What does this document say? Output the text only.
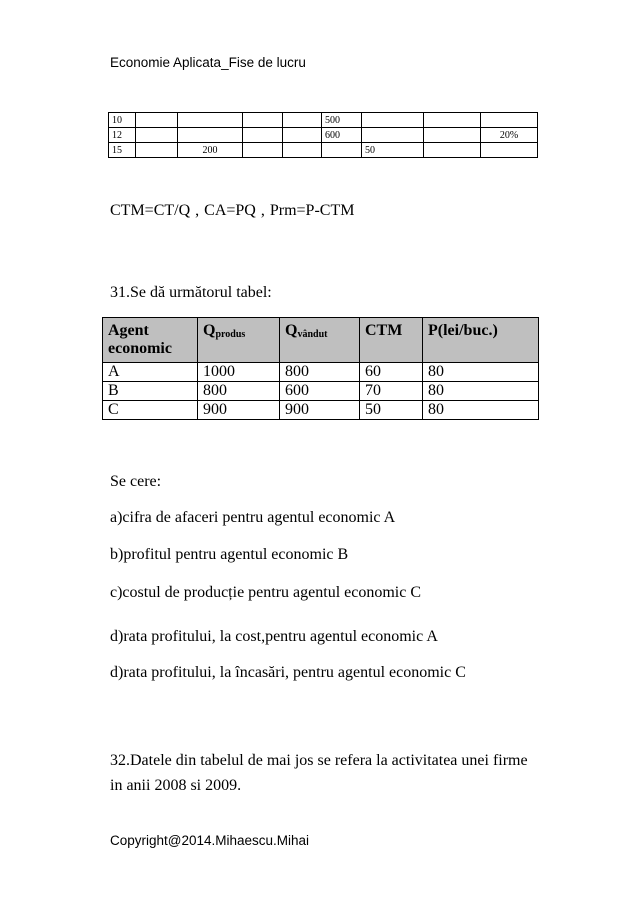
Economie Aplicata_Fise de lucru
10					500			
12					600			20%
15		200				50		
CTM=CT/Q , CA=PQ , Prm=P-CTM
31.Se dă următorul tabel:
Agent economic	$Q_{produs}$	$Q_{vândut}$	CTM	P(lei/buc.)
A	1000	800	60	80
B	800	600	70	80
C	900	900	50	80
Se cere:
a)cifra de afaceri pentru agentul economic A
b)profitul pentru agentul economic B
c)costul de producție pentru agentul economic C
d)rata profitului, la cost,pentru agentul economic A
d)rata profitului, la încasări, pentru agentul economic C
32.Datele din tabelul de mai jos se refera la activitatea unei firme in anii 2008 si 2009.
Copyright@2014.Mihaescu.Mihai
